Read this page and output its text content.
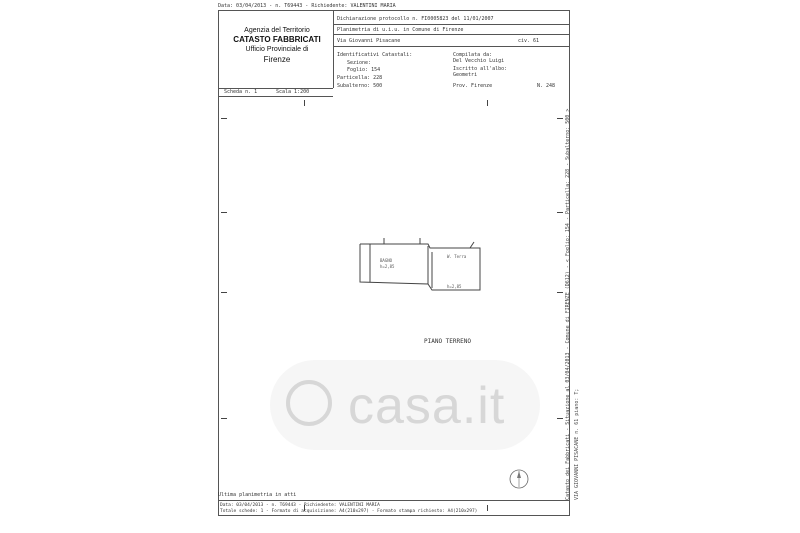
Data: 03/04/2013 - n. T69443 - Richiedente: VALENTINI MARIA
Agenzia del Territorio
CATASTO FABBRICATI
Ufficio Provinciale di
Firenze
Dichiarazione protocollo n. FI0005823 del 11/01/2007
Planimetria di u.i.u. in Comune di Firenze
Via Giovanni Pisacane	civ. 61
Identificativi Catastali:
Sezione:
Foglio: 154
Particella: 228
Subalterno: 500
Compilata da:
Del Vecchio Luigi
Iscritto all'albo:
Geometri
Prov. Firenze	N. 248
Scheda n. 1	Scala 1:200
BAGNO
h=2,85
W. Terra
h=2,85
PIANO TERRENO
casa.it
Ultima planimetria in atti
Data: 03/04/2013 - n. T69443 - Richiedente: VALENTINI MARIA
Totale schede: 1 - Formato di acquisizione: A4(210x297) - Formato stampa richiesto: A4(210x297)
Catasto dei Fabbricati - Situazione al 03/04/2013 - Comune di FIRENZE (D612) - < Foglio: 154 - Particella: 228 - Subalterno: 500 > VIA GIOVANNI PISACANE n. 61 piano: T;
